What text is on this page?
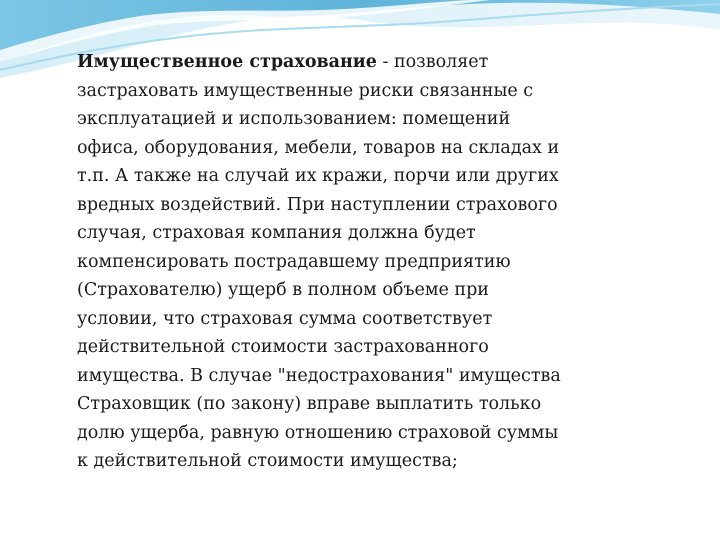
Имущественное страхование - позволяет
застраховать имущественные риски связанные с
эксплуатацией и использованием: помещений
офиса, оборудования, мебели, товаров на складах и
т.п. А также на случай их кражи, порчи или других
вредных воздействий. При наступлении страхового
случая, страховая компания должна будет
компенсировать пострадавшему предприятию
(Страхователю) ущерб в полном объеме при
условии, что страховая сумма соответствует
действительной стоимости застрахованного
имущества. В случае "недострахования" имущества
Страховщик (по закону) вправе выплатить только
долю ущерба, равную отношению страховой суммы
к действительной стоимости имущества;
